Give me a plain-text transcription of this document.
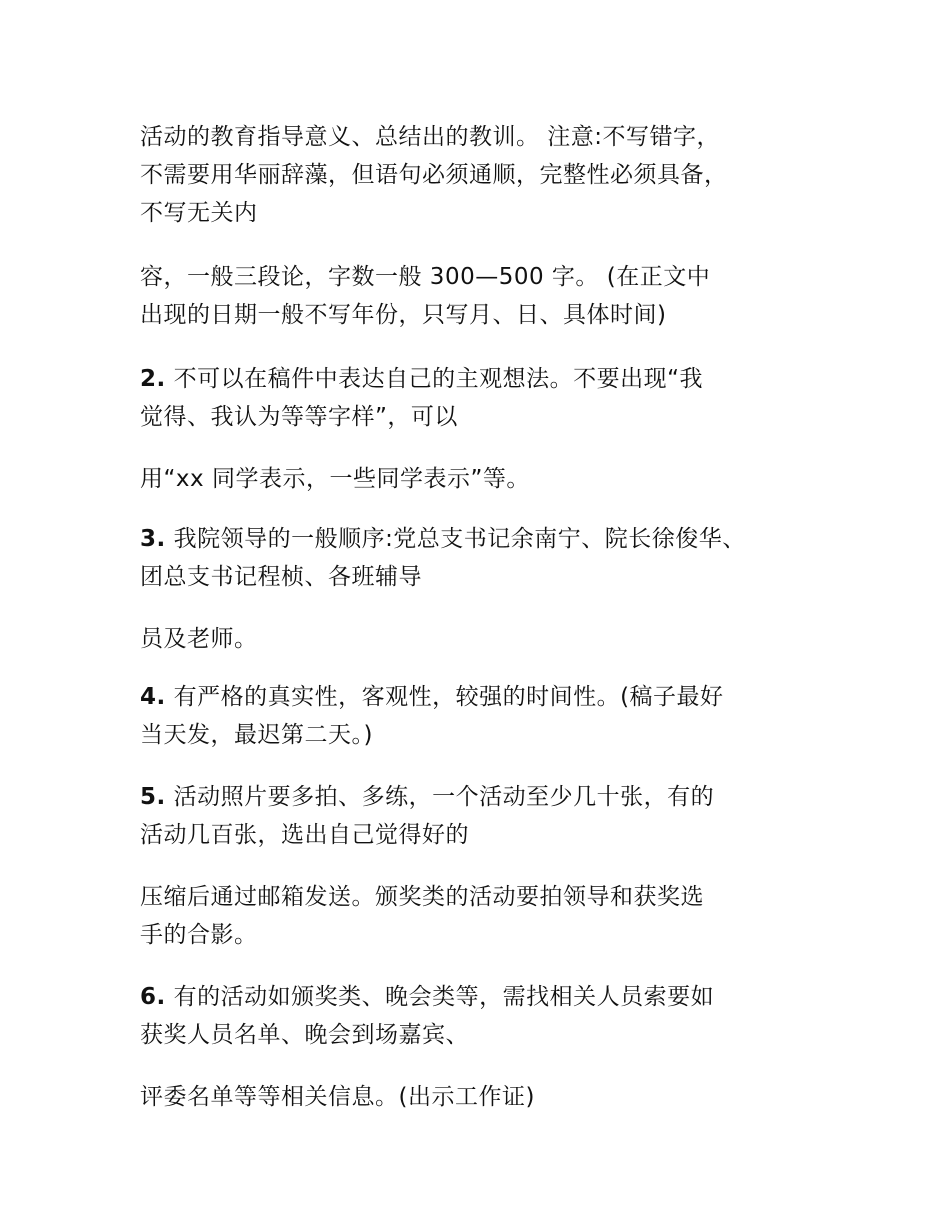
活动的教育指导意义、总结出的教训。 注意:不写错字，
不需要用华丽辞藻，但语句必须通顺，完整性必须具备，
不写无关内
容，一般三段论，字数一般 300—500 字。 (在正文中
出现的日期一般不写年份，只写月、日、具体时间)
2. 不可以在稿件中表达自己的主观想法。不要出现“我
觉得、我认为等等字样”，可以
用“xx 同学表示，一些同学表示”等。
3. 我院领导的一般顺序:党总支书记余南宁、院长徐俊华、
团总支书记程桢、各班辅导
员及老师。
4. 有严格的真实性，客观性，较强的时间性。(稿子最好
当天发，最迟第二天。)
5. 活动照片要多拍、多练，一个活动至少几十张，有的
活动几百张，选出自己觉得好的
压缩后通过邮箱发送。颁奖类的活动要拍领导和获奖选
手的合影。
6. 有的活动如颁奖类、晚会类等，需找相关人员索要如
获奖人员名单、晚会到场嘉宾、
评委名单等等相关信息。(出示工作证)
